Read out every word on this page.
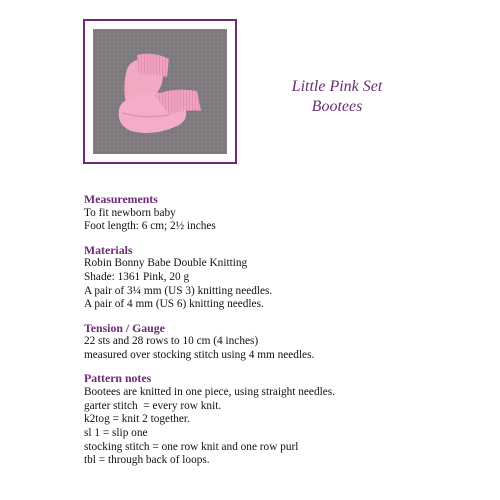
Little Pink Set
Bootees
Measurements
To fit newborn baby
Foot length: 6 cm; 2½ inches
Materials
Robin Bonny Babe Double Knitting
Shade: 1361 Pink, 20 g
A pair of 3¼ mm (US 3) knitting needles.
A pair of 4 mm (US 6) knitting needles.
Tension / Gauge
22 sts and 28 rows to 10 cm (4 inches)
measured over stocking stitch using 4 mm needles.
Pattern notes
Bootees are knitted in one piece, using straight needles.
garter stitch  = every row knit.
k2tog = knit 2 together.
sl 1 = slip one
stocking stitch = one row knit and one row purl
tbl = through back of loops.
